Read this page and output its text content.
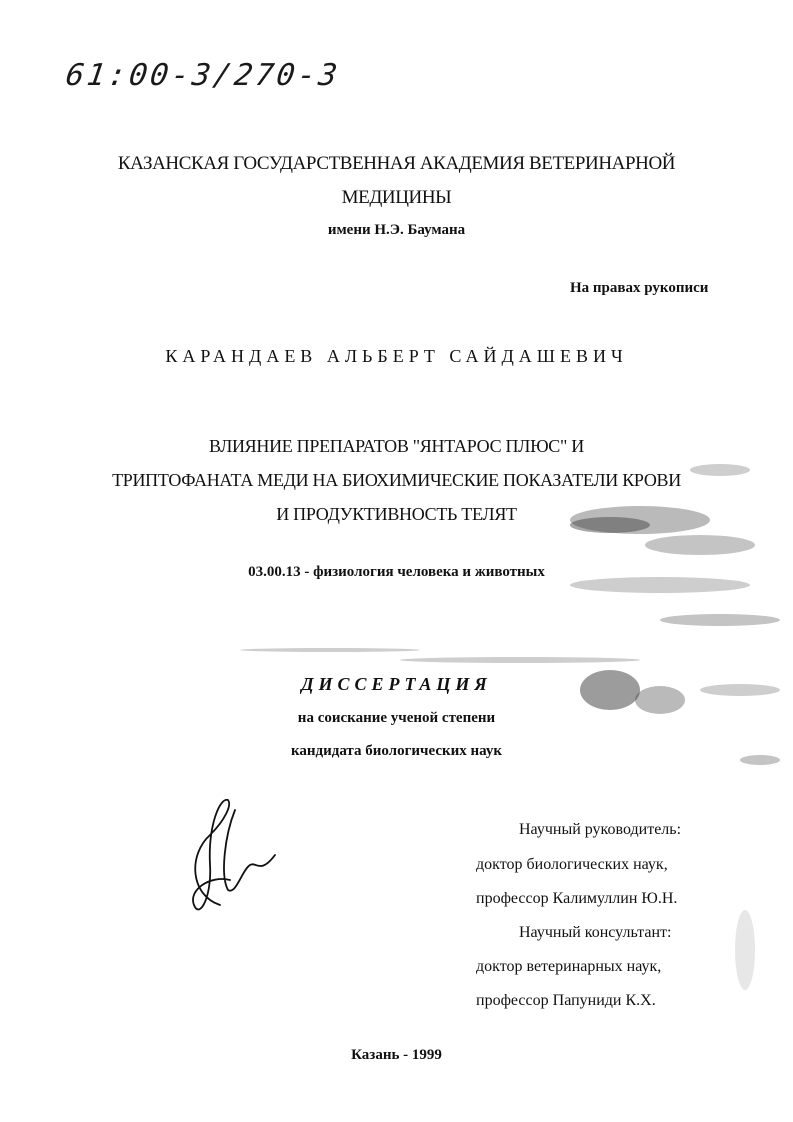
61:00-3/270-3
КАЗАНСКАЯ ГОСУДАРСТВЕННАЯ АКАДЕМИЯ ВЕТЕРИНАРНОЙ
МЕДИЦИНЫ
имени Н.Э. Баумана
На правах рукописи
КАРАНДАЕВ АЛЬБЕРТ САЙДАШЕВИЧ
ВЛИЯНИЕ ПРЕПАРАТОВ "ЯНТАРОС ПЛЮС" И
ТРИПТОФАНАТА МЕДИ НА БИОХИМИЧЕСКИЕ ПОКАЗАТЕЛИ КРОВИ
И ПРОДУКТИВНОСТЬ ТЕЛЯТ
03.00.13 - физиология человека и животных
ДИССЕРТАЦИЯ
на соискание ученой степени
кандидата биологических наук
Научный руководитель:
доктор биологических наук,
профессор Калимуллин Ю.Н.
Научный консультант:
доктор ветеринарных наук,
профессор Папуниди К.Х.
Казань - 1999
